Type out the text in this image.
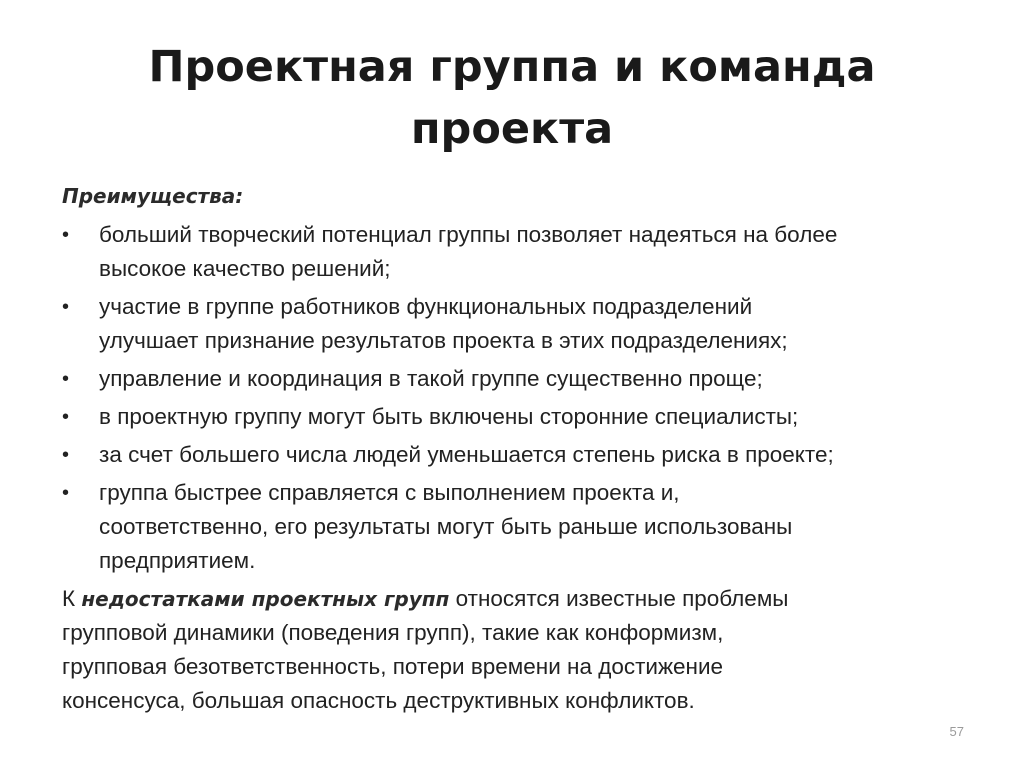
Проектная группа и команда проекта
Преимущества:
• больший творческий потенциал группы позволяет надеяться на более
высокое качество решений;
• участие в группе работников функциональных подразделений
улучшает признание результатов проекта в этих подразделениях;
• управление и координация в такой группе существенно проще;
• в проектную группу могут быть включены сторонние специалисты;
• за счет большего числа людей уменьшается степень риска в проекте;
• группа быстрее справляется с выполнением проекта и,
соответственно, его результаты могут быть раньше использованы
предприятием.
К недостатками проектных групп относятся известные проблемы
групповой динамики (поведения групп), такие как конформизм,
групповая безответственность, потери времени на достижение
консенсуса, большая опасность деструктивных конфликтов.
57
